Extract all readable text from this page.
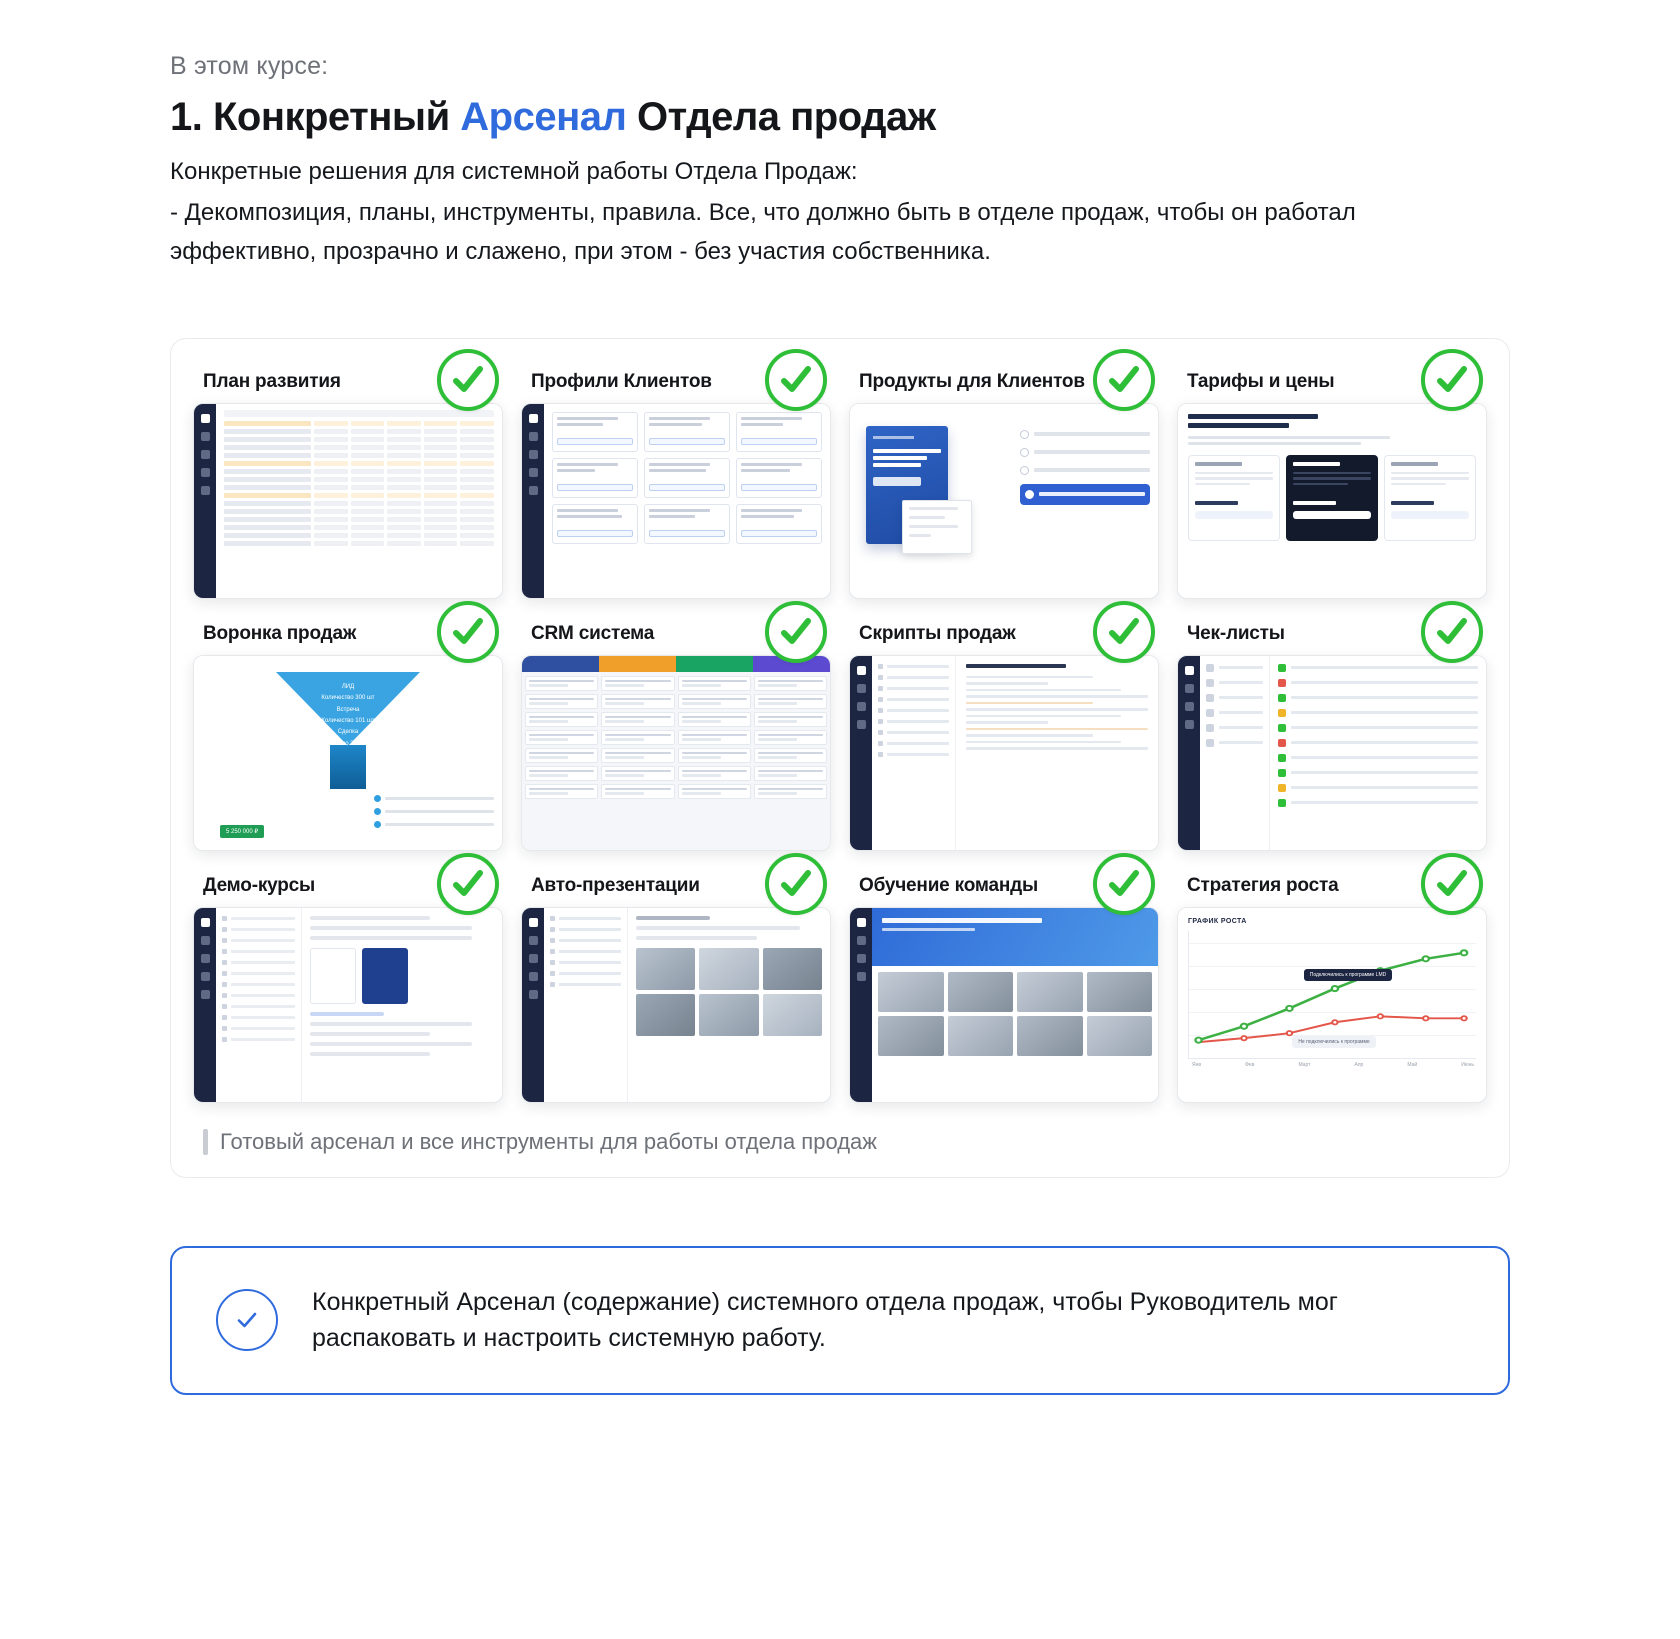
В этом курсе:
1. Конкретный Арсенал Отдела продаж

Конкретные решения для системной работы Отдела Продаж:

- Декомпозиция, планы, инструменты, правила. Все, что должно быть в отделе продаж, чтобы он работал эффективно, прозрачно и слажено, при этом - без участия собственника.

План развития	Профили Клиентов	Продукты для Клиентов	Тарифы и цены
Воронка продаж
ЛИД
Количество 300 шт
Встреча
Количество 101 шт
Сделка
Кол-во 35 шт
5 250 000 ₽
CRM система	Скрипты продаж	Чек-листы
Демо-курсы	Авто-презентации	Обучение команды	Стратегия роста
ГРАФИК РОСТА
Подключились к программе LMD
Не подключились к программе
Янв	Фев	Март	Апр	Май	Июнь
Готовый арсенал и все инструменты для работы отдела продаж
Конкретный Арсенал (содержание) системного отдела продаж, чтобы Руководитель мог распаковать и настроить системную работу.
